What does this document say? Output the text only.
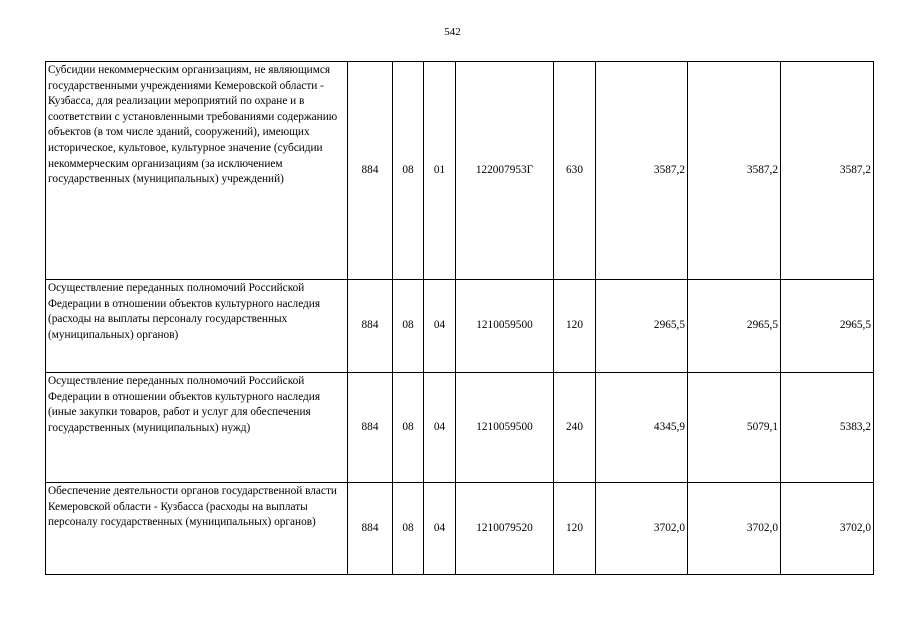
542
Субсидии некоммерческим организациям, не являющимся государственными учреждениями Кемеровской области - Кузбасса, для реализации мероприятий по охране и в соответствии с установленными требованиями содержанию объектов (в том числе зданий, сооружений), имеющих историческое, культовое, культурное значение (субсидии некоммерческим организациям (за исключением государственных (муниципальных) учреждений)	884	08	01	122007953Г	630	3587,2	3587,2	3587,2
Осуществление переданных полномочий Российской Федерации в отношении объектов культурного наследия (расходы на выплаты персоналу государственных (муниципальных) органов)	884	08	04	1210059500	120	2965,5	2965,5	2965,5
Осуществление переданных полномочий Российской Федерации в отношении объектов культурного наследия (иные закупки товаров, работ и услуг для обеспечения государственных (муниципальных) нужд)	884	08	04	1210059500	240	4345,9	5079,1	5383,2
Обеспечение деятельности органов государственной власти Кемеровской области - Кузбасса (расходы на выплаты персоналу государственных (муниципальных) органов)	884	08	04	1210079520	120	3702,0	3702,0	3702,0
